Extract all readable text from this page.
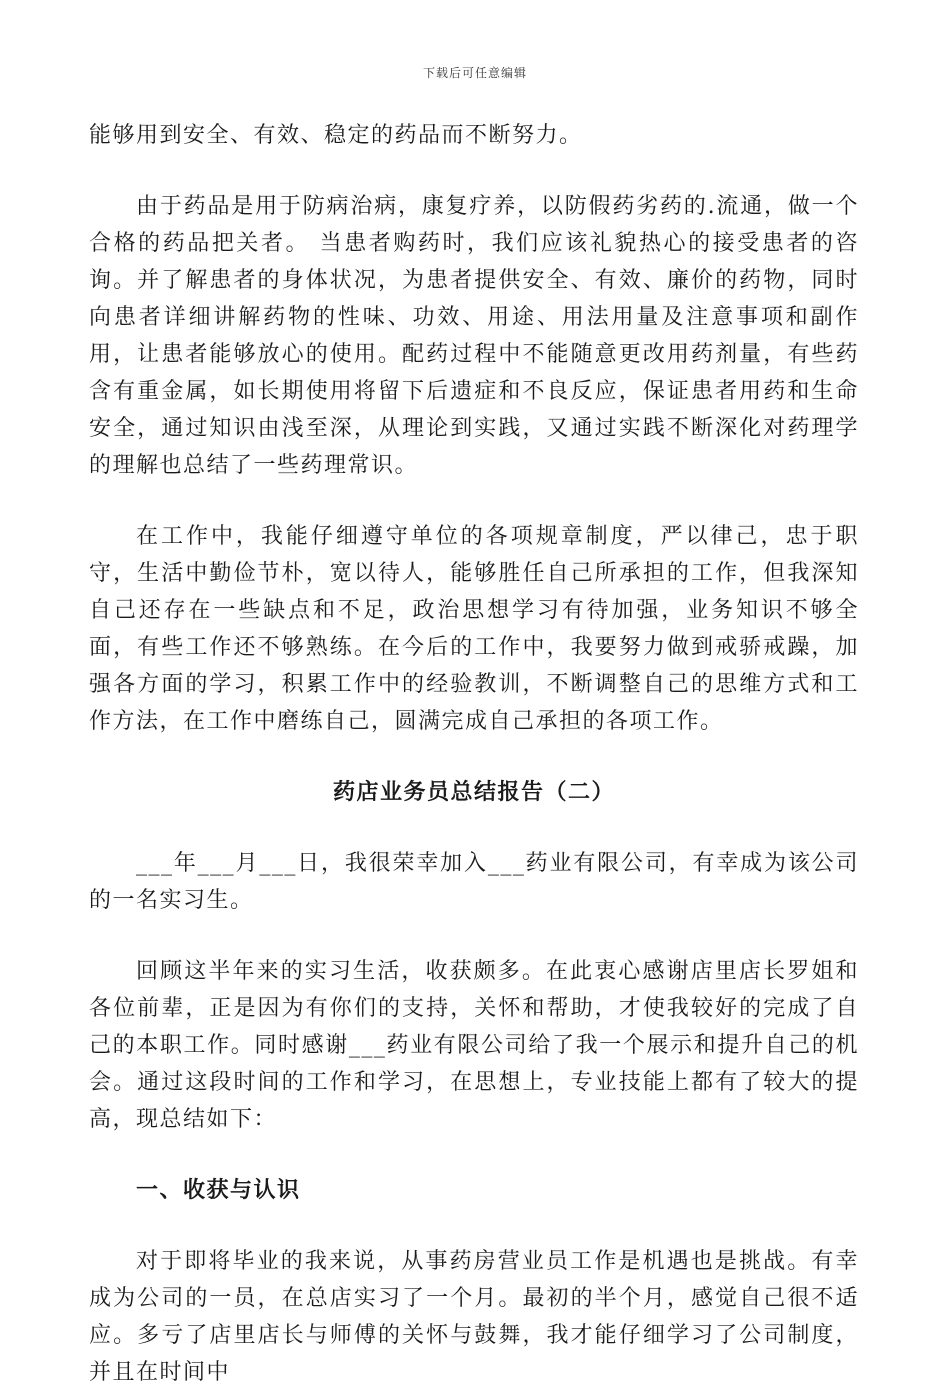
下载后可任意编辑

能够用到安全、有效、稳定的药品而不断努力。

由于药品是用于防病治病，康复疗养，以防假药劣药的.流通，做一个合格的药品把关者。 当患者购药时，我们应该礼貌热心的接受患者的咨询。并了解患者的身体状况，为患者提供安全、有效、廉价的药物，同时向患者详细讲解药物的性味、功效、用途、用法用量及注意事项和副作用，让患者能够放心的使用。配药过程中不能随意更改用药剂量，有些药含有重金属，如长期使用将留下后遗症和不良反应，保证患者用药和生命安全，通过知识由浅至深，从理论到实践，又通过实践不断深化对药理学的理解也总结了一些药理常识。

在工作中，我能仔细遵守单位的各项规章制度，严以律己，忠于职守，生活中勤俭节朴，宽以待人，能够胜任自己所承担的工作，但我深知自己还存在一些缺点和不足，政治思想学习有待加强，业务知识不够全面，有些工作还不够熟练。在今后的工作中，我要努力做到戒骄戒躁，加强各方面的学习，积累工作中的经验教训，不断调整自己的思维方式和工作方法，在工作中磨练自己，圆满完成自己承担的各项工作。

药店业务员总结报告（二）

___年___月___日，我很荣幸加入___药业有限公司，有幸成为该公司的一名实习生。

回顾这半年来的实习生活，收获颇多。在此衷心感谢店里店长罗姐和各位前辈，正是因为有你们的支持，关怀和帮助，才使我较好的完成了自己的本职工作。同时感谢___药业有限公司给了我一个展示和提升自己的机会。通过这段时间的工作和学习，在思想上，专业技能上都有了较大的提高，现总结如下：

一、收获与认识

对于即将毕业的我来说，从事药房营业员工作是机遇也是挑战。有幸成为公司的一员，在总店实习了一个月。最初的半个月，感觉自己很不适应。多亏了店里店长与师傅的关怀与鼓舞，我才能仔细学习了公司制度，并且在时间中
